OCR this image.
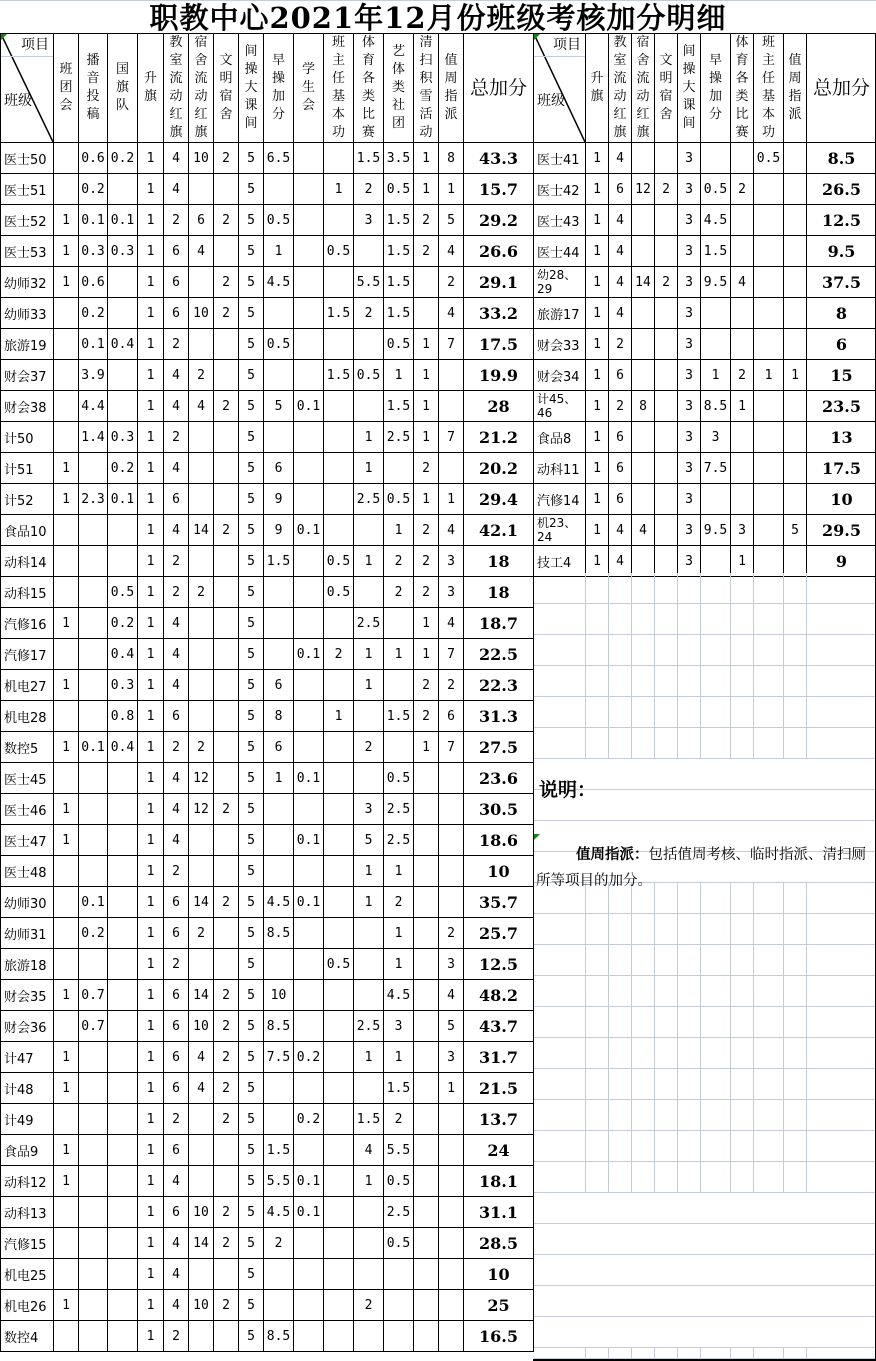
职教中心2021年12月份班级考核加分明细
项目
班级	班团会	播音投稿	国旗队	升旗	教室流动红旗	宿舍流动红旗	文明宿舍	间操大课间	早操加分	学生会	班主任基本功	体育各类比赛	艺体类社团	清扫积雪活动	值周指派	总加分
医士50		0.6	0.2	1	4	10	2	5	6.5			1.5	3.5	1	8	43.3
医士51		0.2		1	4			5			1	2	0.5	1	1	15.7
医士52	1	0.1	0.1	1	2	6	2	5	0.5			3	1.5	2	5	29.2
医士53	1	0.3	0.3	1	6	4		5	1		0.5		1.5	2	4	26.6
幼师32	1	0.6		1	6		2	5	4.5			5.5	1.5		2	29.1
幼师33		0.2		1	6	10	2	5			1.5	2	1.5		4	33.2
旅游19		0.1	0.4	1	2			5	0.5				0.5	1	7	17.5
财会37		3.9		1	4	2		5			1.5	0.5	1	1		19.9
财会38		4.4		1	4	4	2	5	5	0.1			1.5	1		28
计50		1.4	0.3	1	2			5				1	2.5	1	7	21.2
计51	1		0.2	1	4			5	6			1		2		20.2
计52	1	2.3	0.1	1	6			5	9			2.5	0.5	1	1	29.4
食品10				1	4	14	2	5	9	0.1			1	2	4	42.1
动科14				1	2			5	1.5		0.5	1	2	2	3	18
动科15			0.5	1	2	2		5			0.5		2	2	3	18
汽修16	1		0.2	1	4			5				2.5		1	4	18.7
汽修17			0.4	1	4			5		0.1	2	1	1	1	7	22.5
机电27	1		0.3	1	4			5	6			1		2	2	22.3
机电28			0.8	1	6			5	8		1		1.5	2	6	31.3
数控5	1	0.1	0.4	1	2	2		5	6			2		1	7	27.5
医士45				1	4	12		5	1	0.1			0.5			23.6
医士46	1			1	4	12	2	5				3	2.5			30.5
医士47	1			1	4			5		0.1		5	2.5			18.6
医士48				1	2			5				1	1			10
幼师30		0.1		1	6	14	2	5	4.5	0.1		1	2			35.7
幼师31		0.2		1	6	2		5	8.5				1		2	25.7
旅游18				1	2			5			0.5		1		3	12.5
财会35	1	0.7		1	6	14	2	5	10				4.5		4	48.2
财会36		0.7		1	6	10	2	5	8.5			2.5	3		5	43.7
计47	1			1	6	4	2	5	7.5	0.2		1	1		3	31.7
计48	1			1	6	4	2	5					1.5		1	21.5
计49				1	2		2	5		0.2		1.5	2			13.7
食品9	1			1	6			5	1.5			4	5.5			24
动科12	1			1	4			5	5.5	0.1		1	0.5			18.1
动科13				1	6	10	2	5	4.5	0.1			2.5			31.1
汽修15				1	4	14	2	5	2				0.5			28.5
机电25				1	4			5								10
机电26	1			1	4	10	2	5				2				25
数控4				1	2			5	8.5							16.5
项目
班级	升旗	教室流动红旗	宿舍流动红旗	文明宿舍	间操大课间	早操加分	体育各类比赛	班主任基本功	值周指派	总加分
医士41	1	4			3			0.5		8.5
医士42	1	6	12	2	3	0.5	2			26.5
医士43	1	4			3	4.5				12.5
医士44	1	4			3	1.5				9.5
幼28、29	1	4	14	2	3	9.5	4			37.5
旅游17	1	4			3					8
财会33	1	2			3					6
财会34	1	6			3	1	2	1	1	15
计45、46	1	2	8		3	8.5	1			23.5
食品8	1	6			3	3				13
动科11	1	6			3	7.5				17.5
汽修14	1	6			3					10
机23、24	1	4	4		3	9.5	3		5	29.5
技工4	1	4			3		1			9
说明：
值周指派：包括值周考核、临时指派、清扫厕所等项目的加分。
